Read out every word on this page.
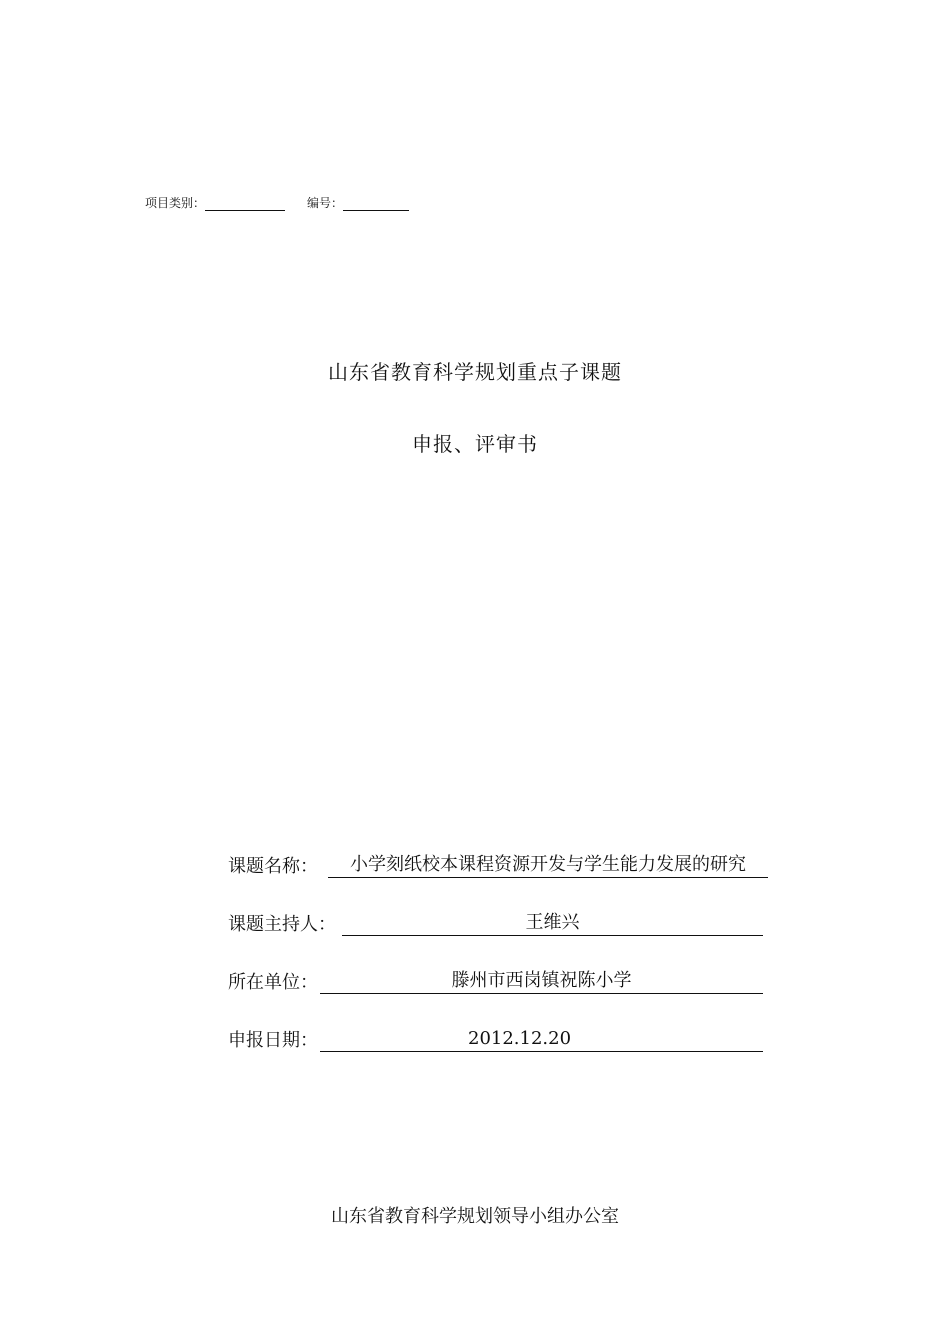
项目类别：	编号：
山东省教育科学规划重点子课题
申报、评审书
课题名称：	小学刻纸校本课程资源开发与学生能力发展的研究
课题主持人：	王维兴
所在单位：	滕州市西岗镇祝陈小学
申报日期：	2012.12.20
山东省教育科学规划领导小组办公室
